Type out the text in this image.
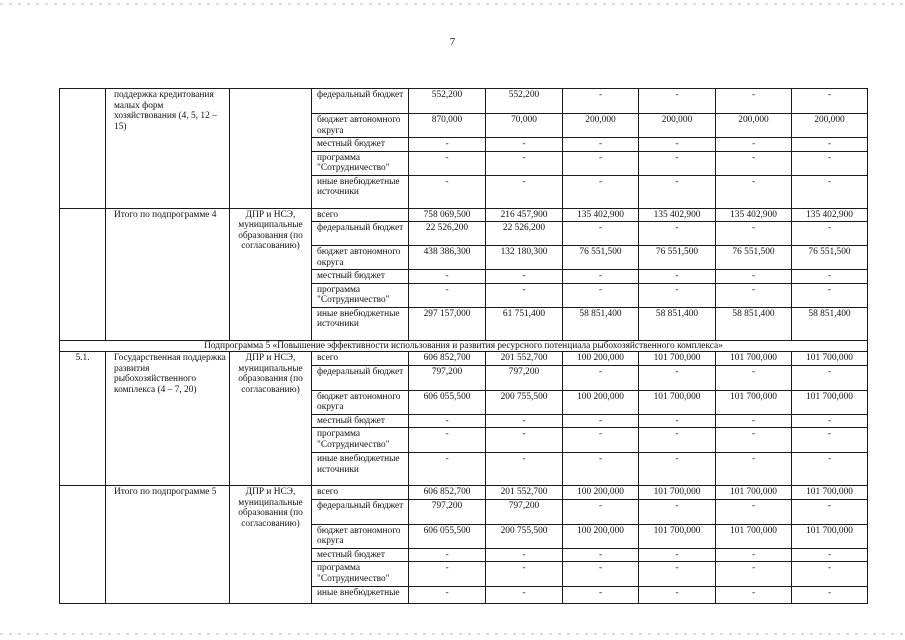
7
	поддержка кредитования малых форм хозяйствования (4, 5, 12 – 15)		федеральный бюджет	552,200	552,200	-	-	-	-
			бюджет автономного округа	870,000	70,000	200,000	200,000	200,000	200,000
			местный бюджет	-	-	-	-	-	-
			программа "Сотрудничество"	-	-	-	-	-	-
			иные внебюджетные источники	-	-	-	-	-	-
	Итого по подпрограмме 4	ДПР и НСЭ, муниципальные образования (по согласованию)	всего	758 069,500	216 457,900	135 402,900	135 402,900	135 402,900	135 402,900
			федеральный бюджет	22 526,200	22 526,200	-	-	-	-
			бюджет автономного округа	438 386,300	132 180,300	76 551,500	76 551,500	76 551,500	76 551,500
			местный бюджет	-	-	-	-	-	-
			программа "Сотрудничество"	-	-	-	-	-	-
			иные внебюджетные источники	297 157,000	61 751,400	58 851,400	58 851,400	58 851,400	58 851,400
Подпрограмма 5 «Повышение эффективности использования и развития ресурсного потенциала рыбохозяйственного комплекса»									
5.1.	Государственная поддержка развития рыбохозяйственного комплекса (4 – 7, 20)	ДПР и НСЭ, муниципальные образования (по согласованию)	всего	606 852,700	201 552,700	100 200,000	101 700,000	101 700,000	101 700,000
			федеральный бюджет	797,200	797,200	-	-	-	-
			бюджет автономного округа	606 055,500	200 755,500	100 200,000	101 700,000	101 700,000	101 700,000
			местный бюджет	-	-	-	-	-	-
			программа "Сотрудничество"	-	-	-	-	-	-
			иные внебюджетные источники	-	-	-	-	-	-
	Итого по подпрограмме 5	ДПР и НСЭ, муниципальные образования (по согласованию)	всего	606 852,700	201 552,700	100 200,000	101 700,000	101 700,000	101 700,000
			федеральный бюджет	797,200	797,200	-	-	-	-
			бюджет автономного округа	606 055,500	200 755,500	100 200,000	101 700,000	101 700,000	101 700,000
			местный бюджет	-	-	-	-	-	-
			программа "Сотрудничество"	-	-	-	-	-	-
			иные внебюджетные	-	-	-	-	-	-
